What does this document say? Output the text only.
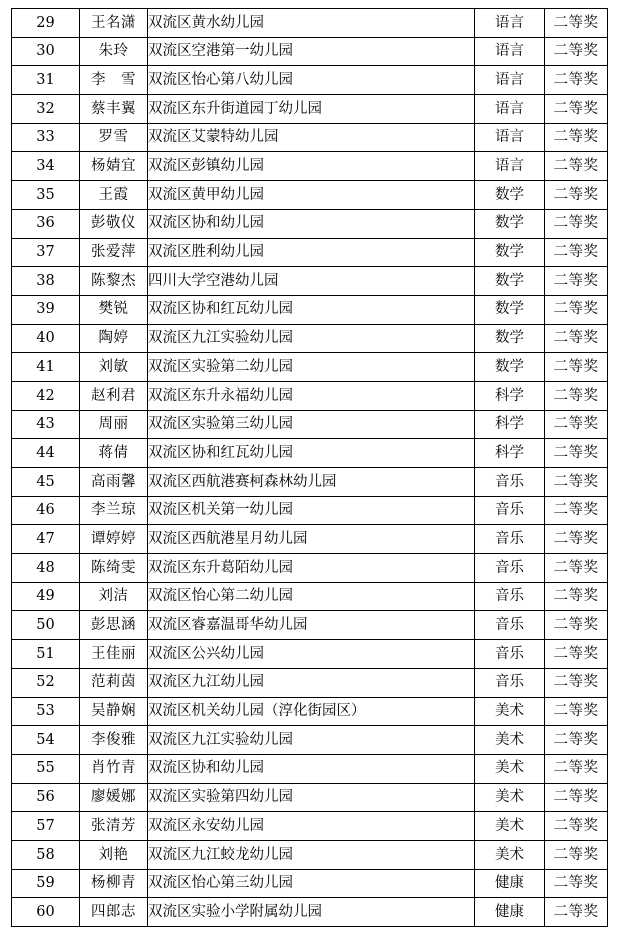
29	王名潇	双流区黄水幼儿园	语言	二等奖
30	朱玲	双流区空港第一幼儿园	语言	二等奖
31	李　雪	双流区怡心第八幼儿园	语言	二等奖
32	蔡丰翼	双流区东升街道园丁幼儿园	语言	二等奖
33	罗雪	双流区艾蒙特幼儿园	语言	二等奖
34	杨婧宜	双流区彭镇幼儿园	语言	二等奖
35	王霞	双流区黄甲幼儿园	数学	二等奖
36	彭敬仪	双流区协和幼儿园	数学	二等奖
37	张爱萍	双流区胜利幼儿园	数学	二等奖
38	陈黎杰	四川大学空港幼儿园	数学	二等奖
39	樊锐	双流区协和红瓦幼儿园	数学	二等奖
40	陶婷	双流区九江实验幼儿园	数学	二等奖
41	刘敏	双流区实验第二幼儿园	数学	二等奖
42	赵利君	双流区东升永福幼儿园	科学	二等奖
43	周丽	双流区实验第三幼儿园	科学	二等奖
44	蒋倩	双流区协和红瓦幼儿园	科学	二等奖
45	高雨馨	双流区西航港赛柯森林幼儿园	音乐	二等奖
46	李兰琼	双流区机关第一幼儿园	音乐	二等奖
47	谭婷婷	双流区西航港星月幼儿园	音乐	二等奖
48	陈绮雯	双流区东升葛陌幼儿园	音乐	二等奖
49	刘洁	双流区怡心第二幼儿园	音乐	二等奖
50	彭思涵	双流区睿嘉温哥华幼儿园	音乐	二等奖
51	王佳丽	双流区公兴幼儿园	音乐	二等奖
52	范莉茵	双流区九江幼儿园	音乐	二等奖
53	吴静娴	双流区机关幼儿园（淳化街园区）	美术	二等奖
54	李俊雅	双流区九江实验幼儿园	美术	二等奖
55	肖竹青	双流区协和幼儿园	美术	二等奖
56	廖媛娜	双流区实验第四幼儿园	美术	二等奖
57	张清芳	双流区永安幼儿园	美术	二等奖
58	刘艳	双流区九江蛟龙幼儿园	美术	二等奖
59	杨柳青	双流区怡心第三幼儿园	健康	二等奖
60	四郎志	双流区实验小学附属幼儿园	健康	二等奖
